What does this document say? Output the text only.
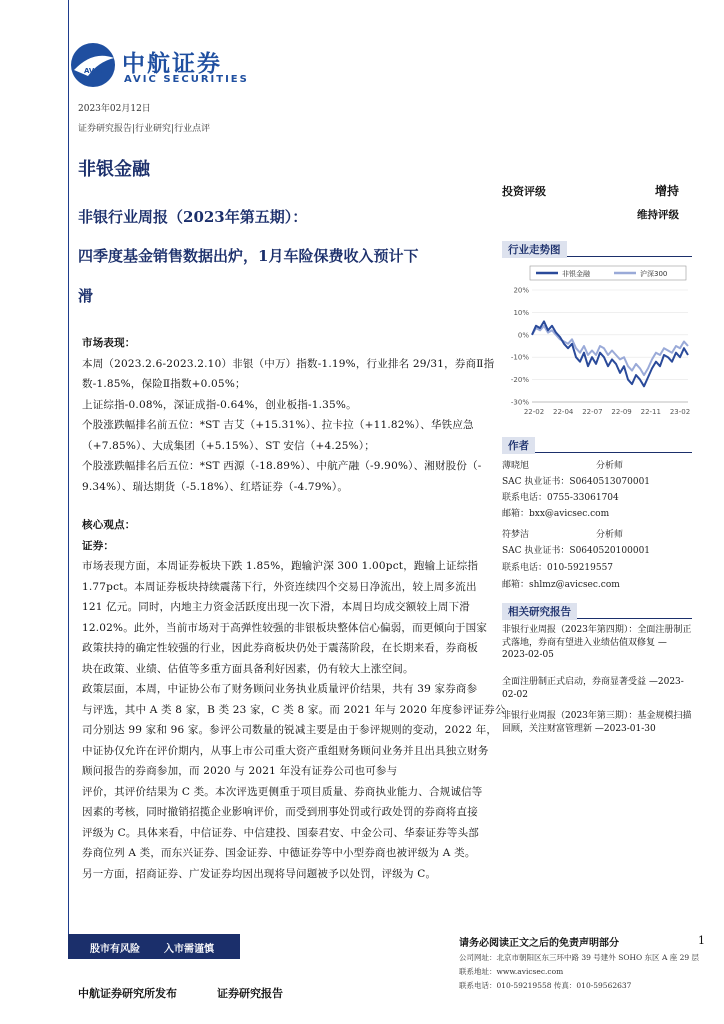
AVIC 中航证券
AVIC SECURITIES
2023年02月12日
证券研究报告|行业研究|行业点评
非银金融
非银行业周报（2023年第五期）：
四季度基金销售数据出炉，1月车险保费收入预计下
滑
投资评级	增持
维持评级
行业走势图
非银金融	沪深300
20%
10%
0%
-10%
-20%
-30%
22-02 22-04 22-07 22-09 22-11 23-02
作者
薄晓旭	分析师
SAC 执业证书：S0640513070001
联系电话：0755-33061704
邮箱：bxx@avicsec.com
符梦洁	分析师
SAC 执业证书：S0640520100001
联系电话：010-59219557
邮箱：shlmz@avicsec.com
相关研究报告
非银行业周报（2023年第四期）：全面注册制正式落地，券商有望进入业绩估值双修复 —2023-02-05
全面注册制正式启动，券商显著受益 —2023-02-02
非银行业周报（2023年第三期）：基金规模扫描回顾，关注财富管理新 —2023-01-30
市场表现：
本周（2023.2.6-2023.2.10）非银（中万）指数-1.19%，行业排名 29/31，券商Ⅱ指
数-1.85%，保险Ⅱ指数+0.05%；
上证综指-0.08%，深证成指-0.64%，创业板指-1.35%。
个股涨跌幅排名前五位：*ST 吉艾（+15.31%）、拉卡拉（+11.82%）、华铁应急
（+7.85%）、大成集团（+5.15%）、ST 安信（+4.25%）；
个股涨跌幅排名后五位：*ST 西源（-18.89%）、中航产融（-9.90%）、湘财股份（-
9.34%）、瑞达期货（-5.18%）、红塔证券（-4.79%）。
核心观点：
证券：
市场表现方面，本周证券板块下跌 1.85%，跑输沪深 300 1.00pct，跑输上证综指
1.77pct。本周证券板块持续震荡下行，外资连续四个交易日净流出，较上周多流出
121 亿元。同时，内地主力资金活跃度出现一次下滑，本周日均成交额较上周下滑
12.02%。此外，当前市场对于高弹性较强的非银板块整体信心偏弱，而更倾向于国家
政策扶持的确定性较强的行业，因此券商板块仍处于震荡阶段，在长期来看，券商板
块在政策、业绩、估值等多重方面具备利好因素，仍有较大上涨空间。
政策层面，本周，中证协公布了财务顾问业务执业质量评价结果，共有 39 家券商参
与评选，其中 A 类 8 家，B 类 23 家，C 类 8 家。而 2021 年与 2020 年度参评证券公
司分别达 99 家和 96 家。参评公司数量的锐减主要是由于参评规则的变动，2022 年，
中证协仅允许在评价期内，从事上市公司重大资产重组财务顾问业务并且出具独立财务
顾问报告的券商参加，而 2020 与 2021 年没有证券公司也可参与
评价，其评价结果为 C 类。本次评选更侧重于项目质量、券商执业能力、合规诚信等
因素的考核，同时撤销招揽企业影响评价，而受到刑事处罚或行政处罚的券商将直接
评级为 C。具体来看，中信证券、中信建投、国泰君安、中金公司、华泰证券等头部
券商位列 A 类，而东兴证券、国金证券、中德证券等中小型券商也被评级为 A 类。
另一方面，招商证券、广发证券均因出现将导问题被予以处罚，评级为 C。
股市有风险 入市需谨慎
请务必阅读正文之后的免责声明部分	1
公司网址：北京市朝阳区东三环中路 39 号建外 SOHO 东区 A 座 29 层
联系地址：www.avicsec.com
联系电话：010-59219558 传真：010-59562637
中航证券研究所发布	证券研究报告
